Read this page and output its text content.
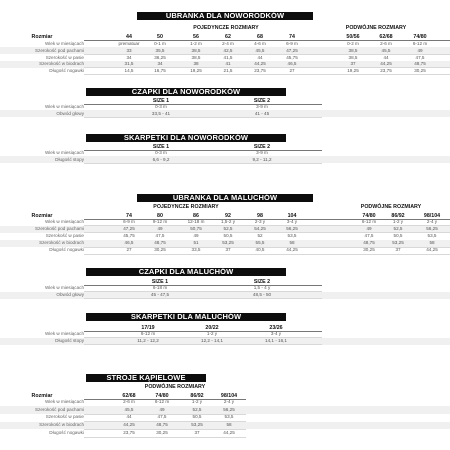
UBRANKA DLA NOWORODKÓW
POJEDYNCZE ROZMIARY	PODWÓJNE ROZMIARY
Rozmiar	44	50	56	62	68	74	50/56	62/68	74/80
Wiek w miesiącach	prematuar	0-1 m	1-2 m	2-4 m	4-6 m	6-9 m	0-2 m	2-6 m	6-12 m
Szerokość pod pachami	33	35,5	38,5	42,5	45,5	47,25	38,5	45,5	49
Szerokość w pasie	34	36,25	38,5	41,5	44	45,75	38,5	44	47,5
Szerokość w biodrach	31,5	34	38	41	44,25	46,5	37	44,25	48,75
Długość nogawki	14,5	16,75	19,25	21,5	23,75	27	19,25	23,75	30,25
CZAPKI DLA NOWORODKÓW
SIZE 1	SIZE 2
Wiek w miesiącach	0-3 m	3-9 m
Obwód głowy	33,5 - 41	41 - 45
SKARPETKI DLA NOWORODKÓW
SIZE 1	SIZE 2
Wiek w miesiącach	0-3 m	3-9 m
Długość stopy	6,6 - 9,2	9,2 - 11,2
UBRANKA DLA MALUCHÓW
POJEDYNCZE ROZMIARY	PODWÓJNE ROZMIARY
Rozmiar	74	80	86	92	98	104	74/80	86/92	98/104
Wiek w miesiącach	6-9 m	9-12 m	12-18 m	1,5-2 y	2-3 y	3-4 y	6-12 m	1-2 y	2-4 y
Szerokość pod pachami	47,25	49	50,75	52,5	54,25	56,25	49	52,5	56,25
Szerokość w pasie	45,75	47,5	49	50,5	52	53,5	47,5	50,5	53,5
Szerokość w biodrach	46,5	48,75	51	53,25	55,5	58	48,75	53,25	58
Długość nogawki	27	30,25	33,5	37	40,5	44,25	30,25	37	44,25
CZAPKI DLA MALUCHÓW
SIZE 1	SIZE 2
Wiek w miesiącach	6-18 m	1,5 - 4 y
Obwód głowy	45 - 47,5	48,5 - 50
SKARPETKI DLA MALUCHÓW
17/19	20/22	23/26
Wiek w miesiącach	6-12 m	1-2 y	3-4 y
Długość stopy	11,2 - 12,2	12,2 - 14,1	14,1 - 16,1
STROJE KĄPIELOWE
PODWÓJNE ROZMIARY
Rozmiar	62/68	74/80	86/92	98/104
Wiek w miesiącach	2-6 m	6-12 m	1-2 y	2-4 y
Szerokość pod pachami	45,5	49	52,5	56,25
Szerokość w pasie	44	47,5	50,5	53,5
Szerokość w biodrach	44,25	48,75	53,25	58
Długość nogawki	23,75	30,25	37	44,25
